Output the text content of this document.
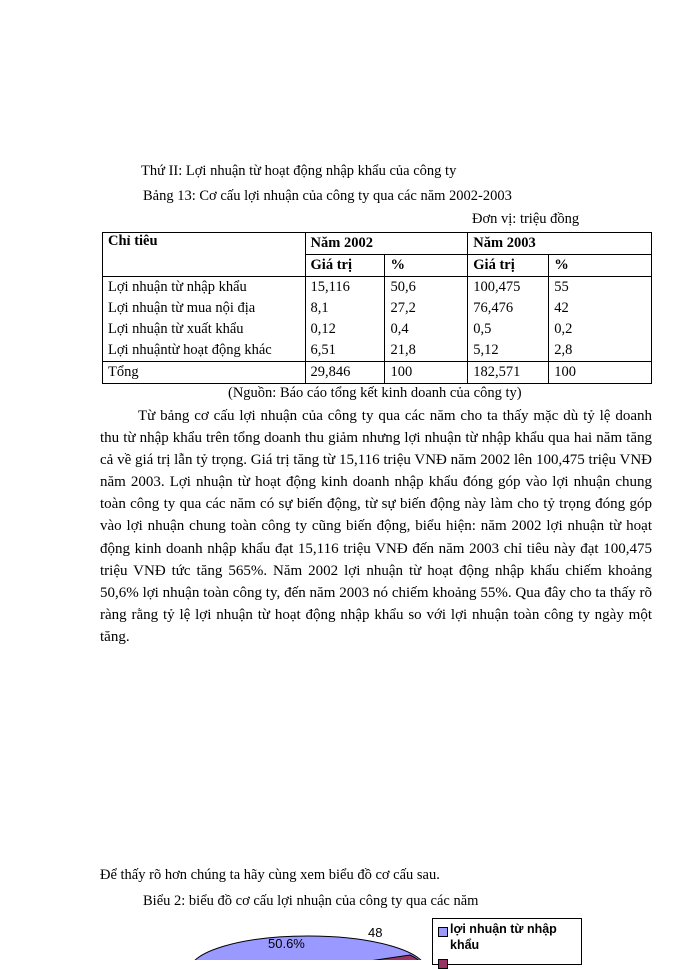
Thứ II: Lợi nhuận từ hoạt động nhập khẩu của công ty
Bảng 13: Cơ cấu lợi nhuận của công ty qua các năm 2002-2003
Đơn vị: triệu đồng
Chỉ tiêu	Năm 2002		Năm 2003	
	Giá trị	%	Giá trị	%
Lợi nhuận từ nhập khẩu	15,116	50,6	100,475	55
Lợi nhuận từ mua nội địa	8,1	27,2	76,476	42
Lợi nhuận từ xuất khẩu	0,12	0,4	0,5	0,2
Lợi nhuậntừ hoạt động khác	6,51	21,8	5,12	2,8
Tổng	29,846	100	182,571	100
(Nguồn: Báo cáo tổng kết kinh doanh của công ty)
Từ bảng cơ cấu lợi nhuận của công ty qua các năm cho ta thấy mặc dù tỷ lệ doanh thu từ nhập khẩu trên tổng doanh thu giảm nhưng lợi nhuận từ nhập khẩu qua hai năm tăng cả về giá trị lẫn tỷ trọng. Giá trị tăng từ 15,116 triệu VNĐ năm 2002 lên 100,475 triệu VNĐ năm 2003. Lợi nhuận từ hoạt động kinh doanh nhập khẩu đóng góp vào lợi nhuận chung toàn công ty qua các năm có sự biến động, từ sự biến động này làm cho tỷ trọng đóng góp vào lợi nhuận chung toàn công ty cũng biến động, biểu hiện: năm 2002 lợi nhuận từ hoạt động kinh doanh nhập khẩu đạt 15,116 triệu VNĐ đến năm 2003 chỉ tiêu này đạt 100,475 triệu VNĐ tức tăng 565%. Năm 2002 lợi nhuận từ hoạt động nhập khẩu chiếm khoảng 50,6% lợi nhuận toàn công ty, đến năm 2003 nó chiếm khoảng 55%. Qua đây cho ta thấy rõ ràng rằng tỷ lệ lợi nhuận từ hoạt động nhập khẩu so với lợi nhuận toàn công ty ngày một tăng.
Để thấy rõ hơn chúng ta hãy cùng xem biểu đồ cơ cấu sau.
Biểu 2: biểu đồ cơ cấu lợi nhuận của công ty qua các năm
50.6%
48	lợi nhuận từ nhập khẩu
